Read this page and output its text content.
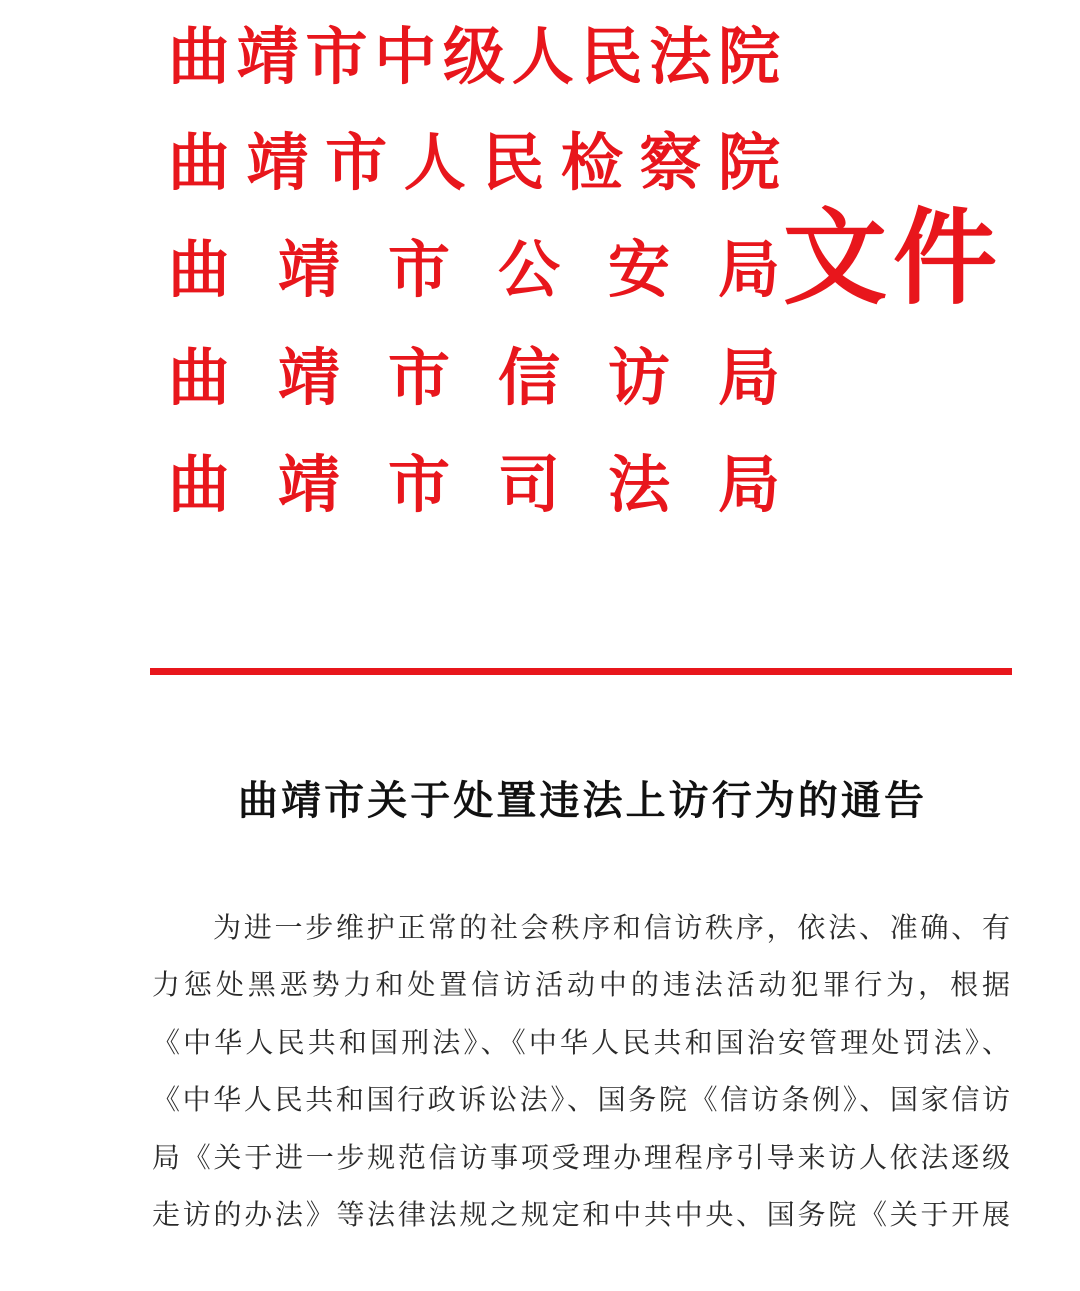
曲靖市中级人民法院
曲靖市人民检察院
曲靖市公安局
曲靖市信访局
曲靖市司法局
文件
曲靖市关于处置违法上访行为的通告
为进一步维护正常的社会秩序和信访秩序，依法、准确、有
力惩处黑恶势力和处置信访活动中的违法活动犯罪行为，根据
《中华人民共和国刑法》、《中华人民共和国治安管理处罚法》、
《中华人民共和国行政诉讼法》、国务院《信访条例》、国家信访
局《关于进一步规范信访事项受理办理程序引导来访人依法逐级
走访的办法》等法律法规之规定和中共中央、国务院《关于开展
